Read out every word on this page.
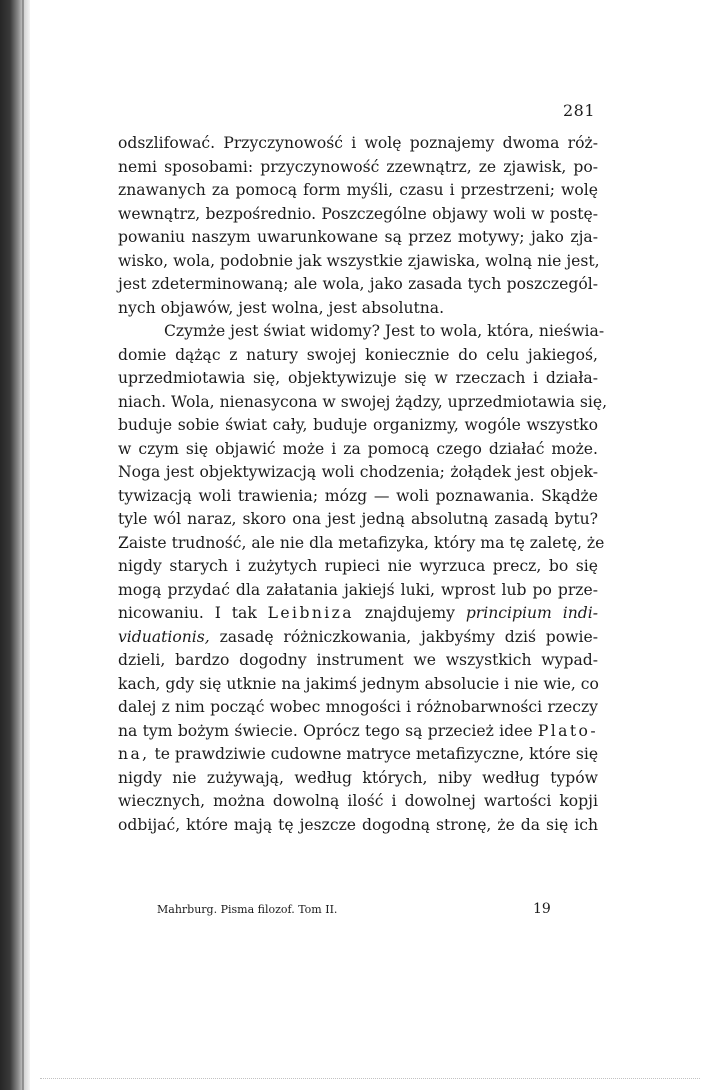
281
odszlifować. Przyczynowość i wolę poznajemy dwoma róż-
nemi sposobami: przyczynowość zzewnątrz, ze zjawisk, po-
znawanych za pomocą form myśli, czasu i przestrzeni; wolę
wewnątrz, bezpośrednio. Poszczególne objawy woli w postę-
powaniu naszym uwarunkowane są przez motywy; jako zja-
wisko, wola, podobnie jak wszystkie zjawiska, wolną nie jest,
jest zdeterminowaną; ale wola, jako zasada tych poszczegól-
nych objawów, jest wolna, jest absolutna.
Czymże jest świat widomy? Jest to wola, która, nieświa-
domie dążąc z natury swojej koniecznie do celu jakiegoś,
uprzedmiotawia się, objektywizuje się w rzeczach i działa-
niach. Wola, nienasycona w swojej żądzy, uprzedmiotawia się,
buduje sobie świat cały, buduje organizmy, wogóle wszystko
w czym się objawić może i za pomocą czego działać może.
Noga jest objektywizacją woli chodzenia; żołądek jest objek-
tywizacją woli trawienia; mózg — woli poznawania. Skądże
tyle wól naraz, skoro ona jest jedną absolutną zasadą bytu?
Zaiste trudność, ale nie dla metafizyka, który ma tę zaletę, że
nigdy starych i zużytych rupieci nie wyrzuca precz, bo się
mogą przydać dla załatania jakiejś luki, wprost lub po prze-
nicowaniu. I tak Leibniza znajdujemy principium indi-
viduationis, zasadę różniczkowania, jakbyśmy dziś powie-
dzieli, bardzo dogodny instrument we wszystkich wypad-
kach, gdy się utknie na jakimś jednym absolucie i nie wie, co
dalej z nim począć wobec mnogości i różnobarwności rzeczy
na tym bożym świecie. Oprócz tego są przecież idee Plato-
na, te prawdziwie cudowne matryce metafizyczne, które się
nigdy nie zużywają, według których, niby według typów
wiecznych, można dowolną ilość i dowolnej wartości kopji
odbijać, które mają tę jeszcze dogodną stronę, że da się ich
Mahrburg. Pisma filozof. Tom II.	19
